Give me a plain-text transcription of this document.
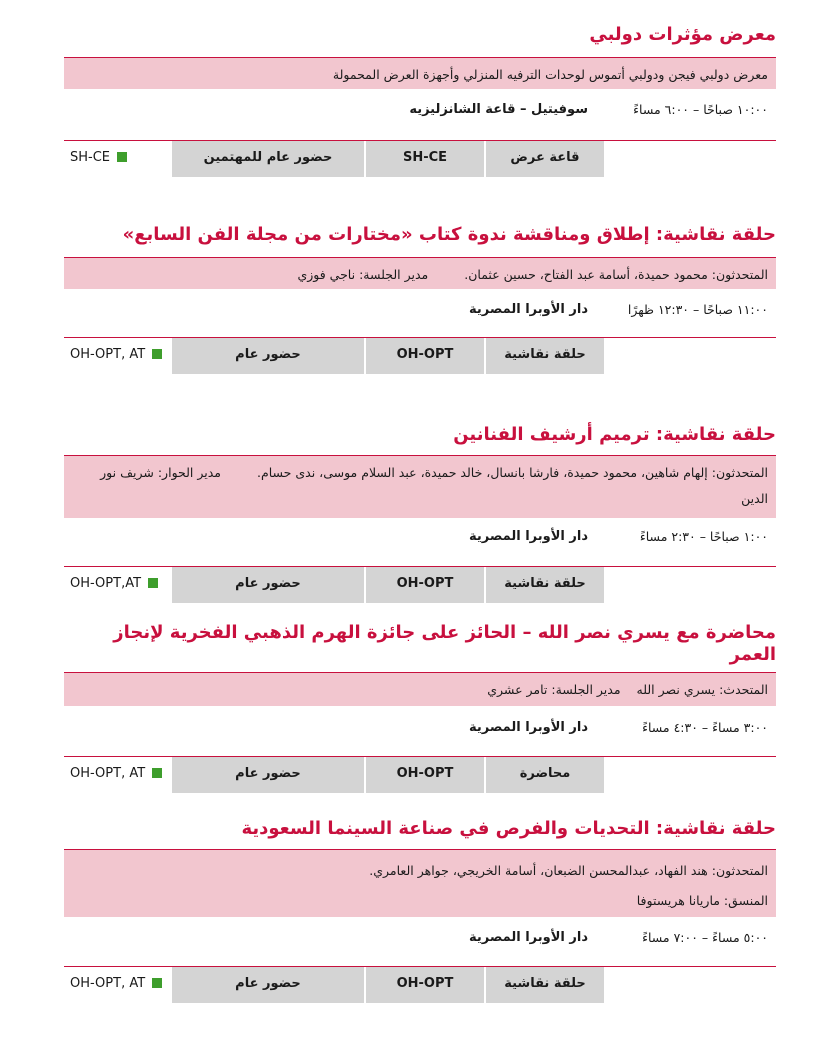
معرض مؤثرات دولبي
معرض دولبي فيجن ودولبي أتموس لوحدات الترفيه المنزلي وأجهزة العرض المحمولة
١٠:٠٠ صباحًا – ٦:٠٠ مساءً
سوفيتيل – قاعة الشانزليزيه
قاعة عرض
SH-CE
حضور عام للمهتمين
SH-CE
حلقة نقاشية: إطلاق ومناقشة ندوة كتاب «مختارات من مجلة الفن السابع»
المتحدثون: محمود حميدة، أسامة عبد الفتاح، حسين عثمان.مدير الجلسة: ناجي فوزي
١١:٠٠ صباحًا – ١٢:٣٠ ظهرًا
دار الأوبرا المصرية
حلقة نقاشية
OH-OPT
حضور عام
OH-OPT, AT
حلقة نقاشية: ترميم أرشيف الفنانين
المتحدثون: إلهام شاهين، محمود حميدة، فارشا بانسال، خالد حميدة، عبد السلام موسى، ندى حسام.مدير الحوار: شريف نور الدين
١:٠٠ صباحًا – ٢:٣٠ مساءً
دار الأوبرا المصرية
حلقة نقاشية
OH-OPT
حضور عام
OH-OPT,AT
محاضرة مع يسري نصر الله – الحائز على جائزة الهرم الذهبي الفخرية لإنجاز العمر
المتحدث: يسري نصر اللهمدير الجلسة: تامر عشري
٣:٠٠ مساءً – ٤:٣٠ مساءً
دار الأوبرا المصرية
محاضرة
OH-OPT
حضور عام
OH-OPT, AT
حلقة نقاشية: التحديات والفرص في صناعة السينما السعودية
المتحدثون: هند الفهاد، عبدالمحسن الضبعان، أسامة الخريجي، جواهر العامري.
المنسق: ماريانا هريستوفا
٥:٠٠ مساءً – ٧:٠٠ مساءً
دار الأوبرا المصرية
حلقة نقاشية
OH-OPT
حضور عام
OH-OPT, AT
